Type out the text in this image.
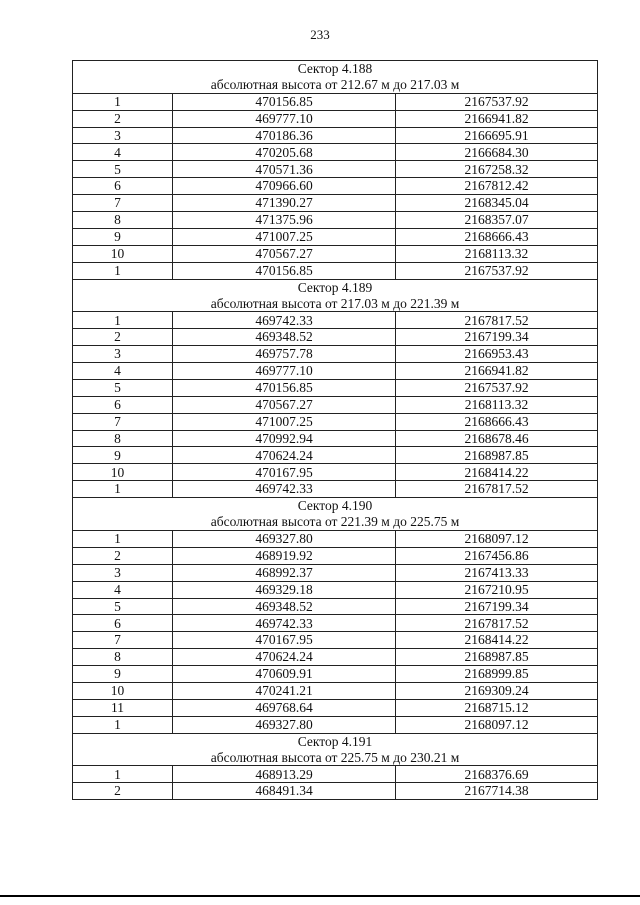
233
Сектор 4.188		
абсолютная высота от 212.67 м до 217.03 м		
1	470156.85	2167537.92
2	469777.10	2166941.82
3	470186.36	2166695.91
4	470205.68	2166684.30
5	470571.36	2167258.32
6	470966.60	2167812.42
7	471390.27	2168345.04
8	471375.96	2168357.07
9	471007.25	2168666.43
10	470567.27	2168113.32
1	470156.85	2167537.92
Сектор 4.189		
абсолютная высота от 217.03 м до 221.39 м		
1	469742.33	2167817.52
2	469348.52	2167199.34
3	469757.78	2166953.43
4	469777.10	2166941.82
5	470156.85	2167537.92
6	470567.27	2168113.32
7	471007.25	2168666.43
8	470992.94	2168678.46
9	470624.24	2168987.85
10	470167.95	2168414.22
1	469742.33	2167817.52
Сектор 4.190		
абсолютная высота от 221.39 м до 225.75 м		
1	469327.80	2168097.12
2	468919.92	2167456.86
3	468992.37	2167413.33
4	469329.18	2167210.95
5	469348.52	2167199.34
6	469742.33	2167817.52
7	470167.95	2168414.22
8	470624.24	2168987.85
9	470609.91	2168999.85
10	470241.21	2169309.24
11	469768.64	2168715.12
1	469327.80	2168097.12
Сектор 4.191		
абсолютная высота от 225.75 м до 230.21 м		
1	468913.29	2168376.69
2	468491.34	2167714.38
